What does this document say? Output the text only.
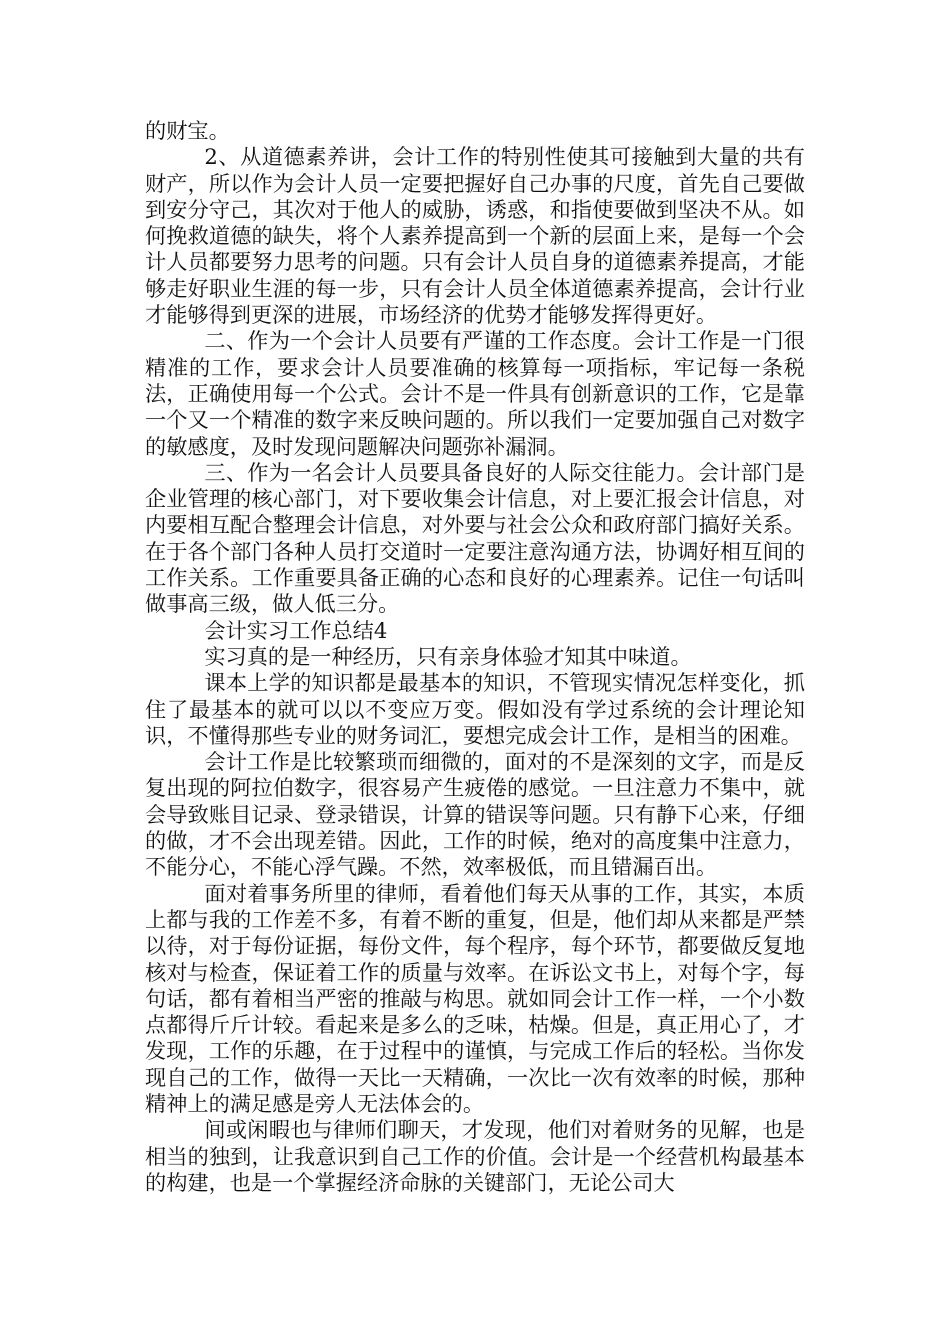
的财宝。

2、从道德素养讲，会计工作的特别性使其可接触到大量的共有财产，所以作为会计人员一定要把握好自己办事的尺度，首先自己要做到安分守己，其次对于他人的威胁，诱惑，和指使要做到坚决不从。如何挽救道德的缺失，将个人素养提高到一个新的层面上来，是每一个会计人员都要努力思考的问题。只有会计人员自身的道德素养提高，才能够走好职业生涯的每一步，只有会计人员全体道德素养提高，会计行业才能够得到更深的进展，市场经济的优势才能够发挥得更好。

二、作为一个会计人员要有严谨的工作态度。会计工作是一门很精准的工作，要求会计人员要准确的核算每一项指标，牢记每一条税法，正确使用每一个公式。会计不是一件具有创新意识的工作，它是靠一个又一个精准的数字来反映问题的。所以我们一定要加强自己对数字的敏感度，及时发现问题解决问题弥补漏洞。

三、作为一名会计人员要具备良好的人际交往能力。会计部门是企业管理的核心部门，对下要收集会计信息，对上要汇报会计信息，对内要相互配合整理会计信息，对外要与社会公众和政府部门搞好关系。在于各个部门各种人员打交道时一定要注意沟通方法，协调好相互间的工作关系。工作重要具备正确的心态和良好的心理素养。记住一句话叫做事高三级，做人低三分。

会计实习工作总结4

实习真的是一种经历，只有亲身体验才知其中味道。

课本上学的知识都是最基本的知识，不管现实情况怎样变化，抓住了最基本的就可以以不变应万变。假如没有学过系统的会计理论知识，不懂得那些专业的财务词汇，要想完成会计工作，是相当的困难。

会计工作是比较繁琐而细微的，面对的不是深刻的文字，而是反复出现的阿拉伯数字，很容易产生疲倦的感觉。一旦注意力不集中，就会导致账目记录、登录错误，计算的错误等问题。只有静下心来，仔细的做，才不会出现差错。因此，工作的时候，绝对的高度集中注意力，不能分心，不能心浮气躁。不然，效率极低，而且错漏百出。

面对着事务所里的律师，看着他们每天从事的工作，其实，本质上都与我的工作差不多，有着不断的重复，但是，他们却从来都是严禁以待，对于每份证据，每份文件，每个程序，每个环节，都要做反复地核对与检查，保证着工作的质量与效率。在诉讼文书上，对每个字，每句话，都有着相当严密的推敲与构思。就如同会计工作一样，一个小数点都得斤斤计较。看起来是多么的乏味，枯燥。但是，真正用心了，才发现，工作的乐趣，在于过程中的谨慎，与完成工作后的轻松。当你发现自己的工作，做得一天比一天精确，一次比一次有效率的时候，那种精神上的满足感是旁人无法体会的。

间或闲暇也与律师们聊天，才发现，他们对着财务的见解，也是相当的独到，让我意识到自己工作的价值。会计是一个经营机构最基本的构建，也是一个掌握经济命脉的关键部门，无论公司大
